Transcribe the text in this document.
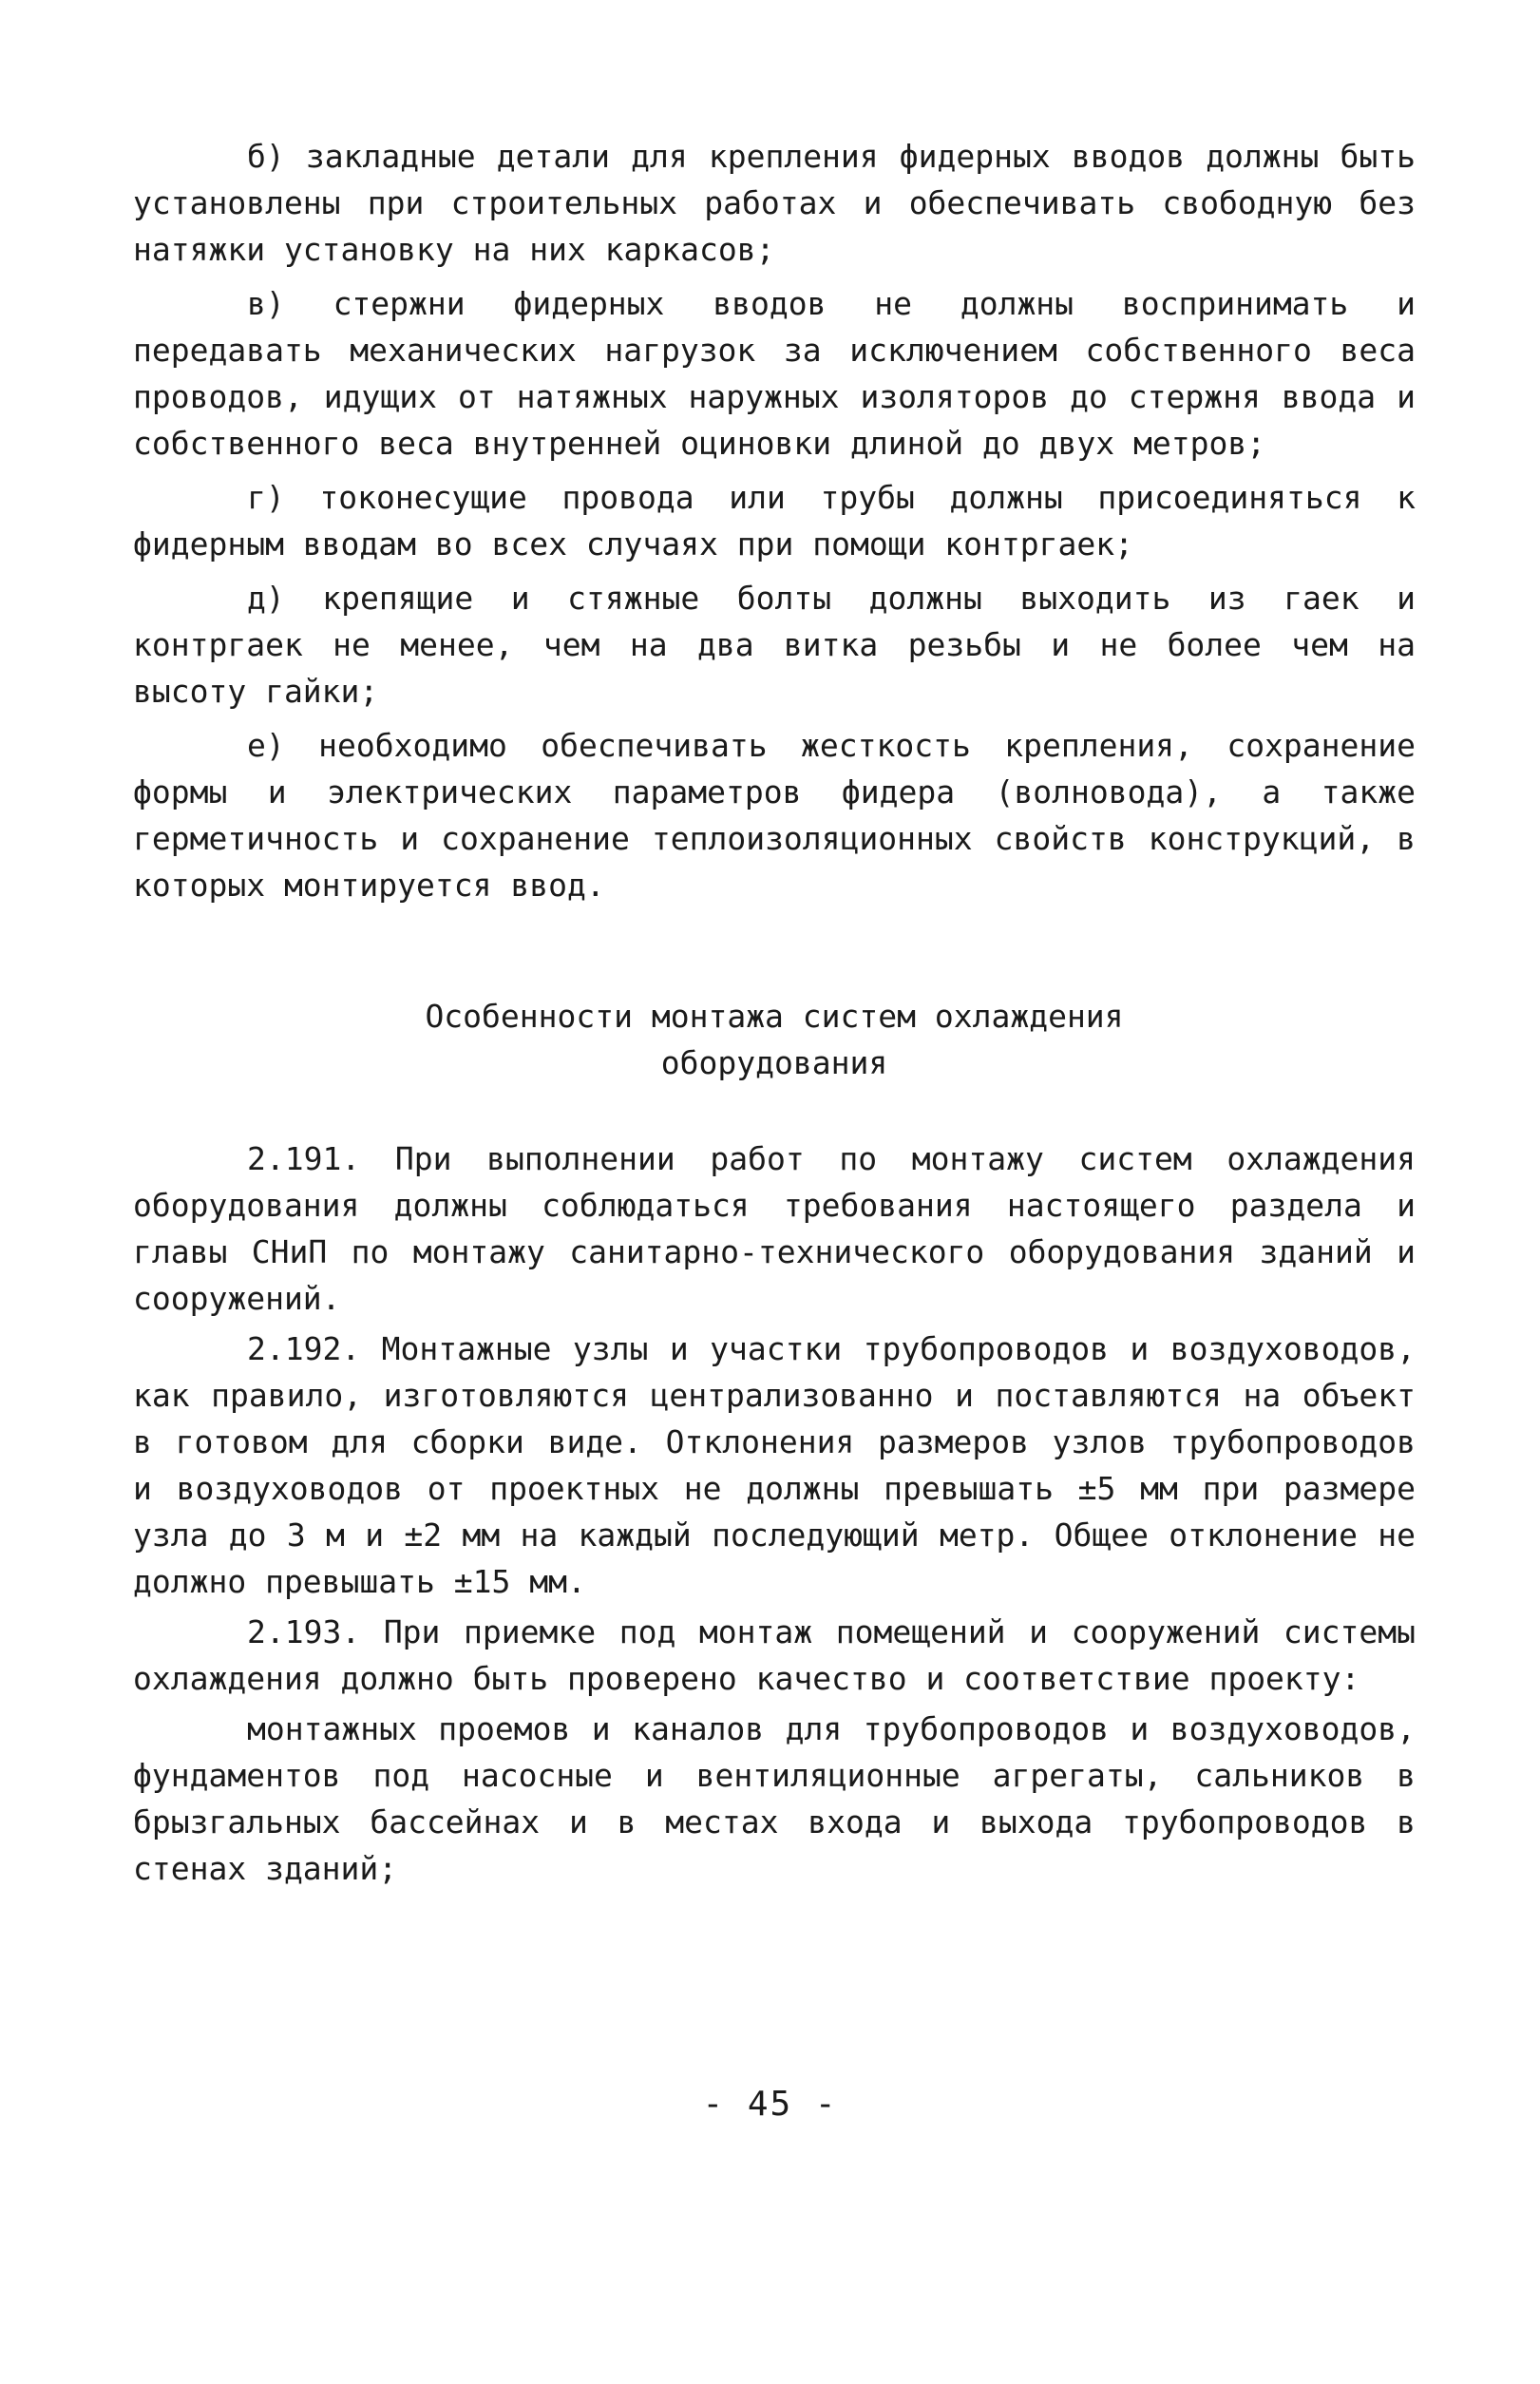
б) закладные детали для крепления фидерных вводов должны быть установлены при строительных работах и обеспечивать свободную без натяжки установку на них каркасов;

в) стержни фидерных вводов не должны воспринимать и передавать механических нагрузок за исключением собственного веса проводов, идущих от натяжных наружных изоляторов до стержня ввода и собственного веса внутренней оциновки длиной до двух метров;

г) токонесущие провода или трубы должны присоединяться к фидерным вводам во всех случаях при помощи контргаек;

д) крепящие и стяжные болты должны выходить из гаек и контргаек не менее, чем на два витка резьбы и не более чем на высоту гайки;

е) необходимо обеспечивать жесткость крепления, сохранение формы и электрических параметров фидера (волновода), а также герметичность и сохранение теплоизоляционных свойств конструкций, в которых монтируется ввод.

Особенности монтажа систем охлаждения
оборудования

2.191. При выполнении работ по монтажу систем охлаждения оборудования должны соблюдаться требования настоящего раздела и главы СНиП по монтажу санитарно-технического оборудования зданий и сооружений.

2.192. Монтажные узлы и участки трубопроводов и воздуховодов, как правило, изготовляются централизованно и поставляются на объект в готовом для сборки виде. Отклонения размеров узлов трубопроводов и воздуховодов от проектных не должны превышать ±5 мм при размере узла до 3 м и ±2 мм на каждый последующий метр. Общее отклонение не должно превышать ±15 мм.

2.193. При приемке под монтаж помещений и сооружений системы охлаждения должно быть проверено качество и соответствие проекту:

монтажных проемов и каналов для трубопроводов и воздуховодов, фундаментов под насосные и вентиляционные агрегаты, сальников в брызгальных бассейнах и в местах входа и выхода трубопроводов в стенах зданий;

- 45 -
